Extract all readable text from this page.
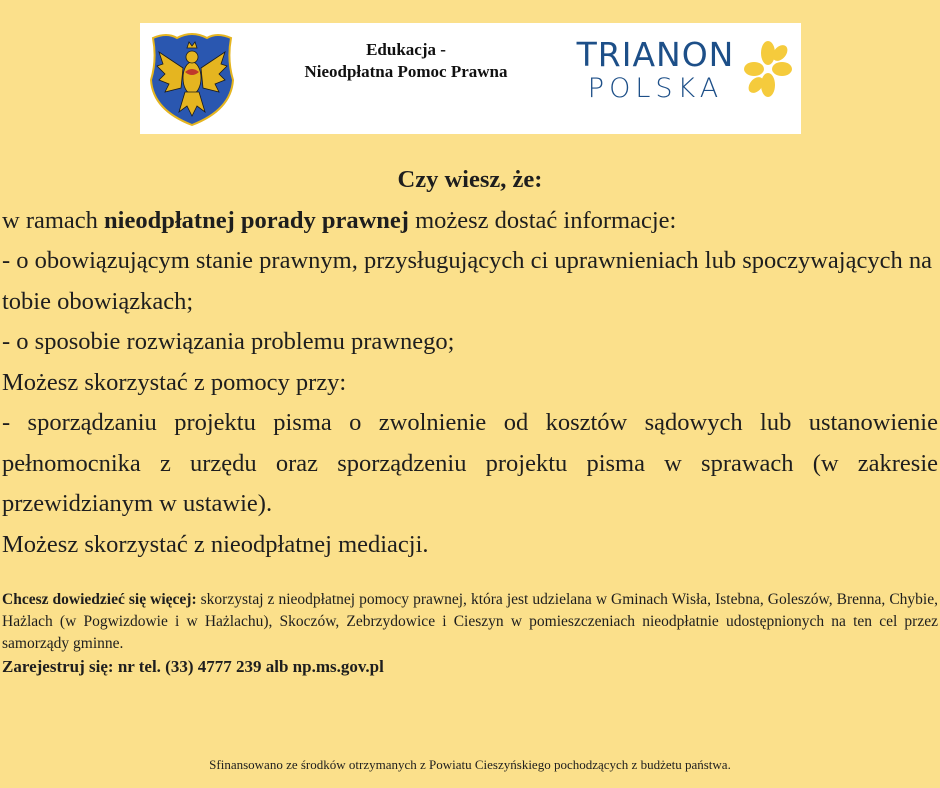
Edukacja -
Nieodpłatna Pomoc Prawna	TRIANON
POLSKA
Czy wiesz, że:
w ramach nieodpłatnej porady prawnej możesz dostać informacje:
- o obowiązującym stanie prawnym, przysługujących ci uprawnieniach lub spoczywających na tobie obowiązkach;
- o sposobie rozwiązania problemu prawnego;
Możesz skorzystać z pomocy przy:
- sporządzaniu projektu pisma o zwolnienie od kosztów sądowych lub ustanowienie pełnomocnika z urzędu oraz sporządzeniu projektu pisma w sprawach (w zakresie przewidzianym w ustawie).
Możesz skorzystać z nieodpłatnej mediacji.
Chcesz dowiedzieć się więcej: skorzystaj z nieodpłatnej pomocy prawnej, która jest udzielana w Gminach Wisła, Istebna, Goleszów, Brenna, Chybie, Hażlach (w Pogwizdowie i w Hażlachu), Skoczów, Zebrzydowice i Cieszyn w pomieszczeniach nieodpłatnie udostępnionych na ten cel przez samorządy gminne.
Zarejestruj się: nr tel. (33) 4777 239 alb np.ms.gov.pl
Sfinansowano ze środków otrzymanych z Powiatu Cieszyńskiego pochodzących z budżetu państwa.
